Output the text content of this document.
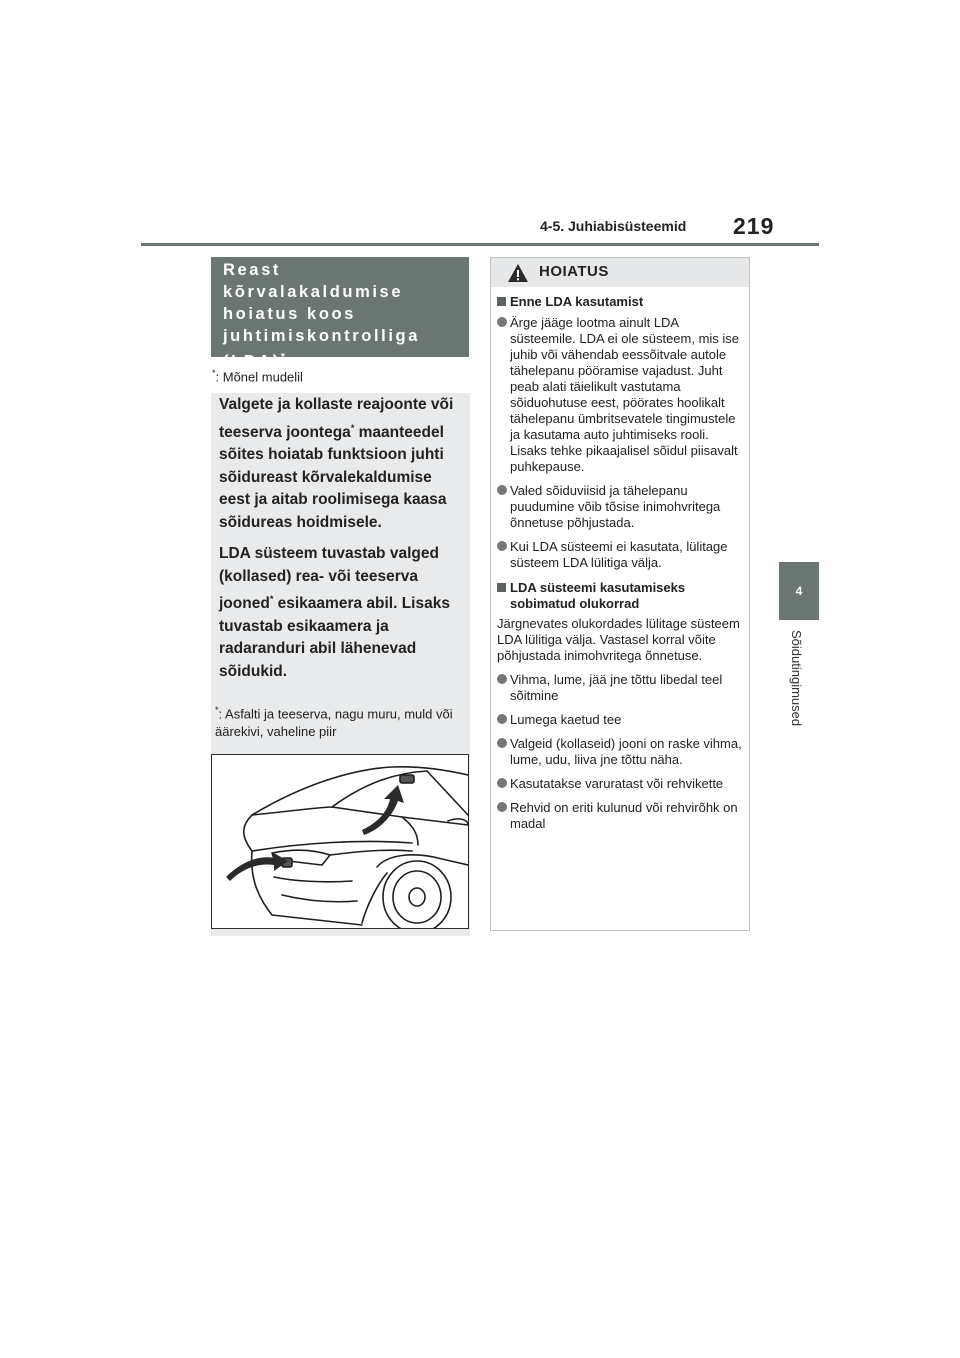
4-5. Juhiabisüsteemid 219
4
Sõidutingimused
Reast kõrvalakaldumise
hoiatus koos
juhtimiskontrolliga
(LDA)*
*: Mõnel mudelil

Valgete ja kollaste reajoonte või teeserva joontega* maanteedel sõites hoiatab funktsioon juhti sõidureast kõrvalekaldumise eest ja aitab roolimisega kaasa sõidureas hoidmisele.

LDA süsteem tuvastab valged (kollased) rea- või teeserva jooned* esikaamera abil. Lisaks tuvastab esikaamera ja radaranduri abil lähenevad sõidukid.

*: Asfalti ja teeserva, nagu muru, muld või äärekivi, vaheline piir
HOIATUS
Enne LDA kasutamist
Ärge jääge lootma ainult LDA süsteemile. LDA ei ole süsteem, mis ise juhib või vähendab eessõitvale autole tähelepanu pööramise vajadust. Juht peab alati täielikult vastutama sõiduohutuse eest, pöörates hoolikalt tähelepanu ümbritsevatele tingimustele ja kasutama auto juhtimiseks rooli. Lisaks tehke pikaajalisel sõidul piisavalt puhkepause.
Valed sõiduviisid ja tähelepanu puudumine võib tõsise inimohvritega õnnetuse põhjustada.
Kui LDA süsteemi ei kasutata, lülitage süsteem LDA lülitiga välja.
LDA süsteemi kasutamiseks sobimatud olukorrad
Järgnevates olukordades lülitage süsteem LDA lülitiga välja. Vastasel korral võite põhjustada inimohvritega õnnetuse.
Vihma, lume, jää jne tõttu libedal teel sõitmine
Lumega kaetud tee
Valgeid (kollaseid) jooni on raske vihma, lume, udu, liiva jne tõttu näha.
Kasutatakse varuratast või rehvikette
Rehvid on eriti kulunud või rehvirõhk on madal
